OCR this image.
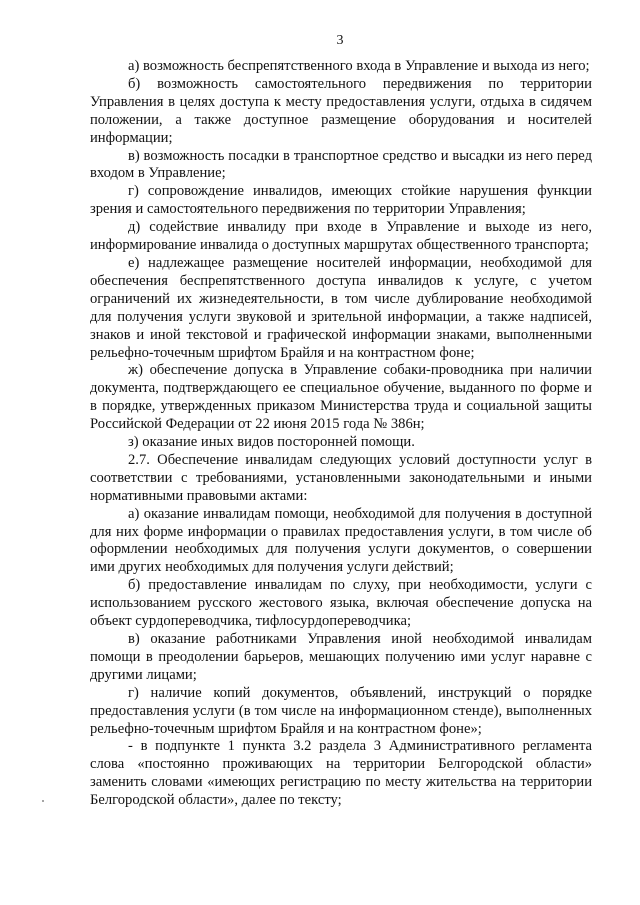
3

а) возможность беспрепятственного входа в Управление и выхода из него;

б) возможность самостоятельного передвижения по территории Управления в целях доступа к месту предоставления услуги, отдыха в сидячем положении, а также доступное размещение оборудования и носителей информации;

в) возможность посадки в транспортное средство и высадки из него перед входом в Управление;

г) сопровождение инвалидов, имеющих стойкие нарушения функции зрения и самостоятельного передвижения по территории Управления;

д) содействие инвалиду при входе в Управление и выходе из него, информирование инвалида о доступных маршрутах общественного транспорта;

е) надлежащее размещение носителей информации, необходимой для обеспечения беспрепятственного доступа инвалидов к услуге, с учетом ограничений их жизнедеятельности, в том числе дублирование необходимой для получения услуги звуковой и зрительной информации, а также надписей, знаков и иной текстовой и графической информации знаками, выполненными рельефно-точечным шрифтом Брайля и на контрастном фоне;

ж) обеспечение допуска в Управление собаки-проводника при наличии документа, подтверждающего ее специальное обучение, выданного по форме и в порядке, утвержденных приказом Министерства труда и социальной защиты Российской Федерации от 22 июня 2015 года № 386н;

з) оказание иных видов посторонней помощи.

2.7. Обеспечение инвалидам следующих условий доступности услуг в соответствии с требованиями, установленными законодательными и иными нормативными правовыми актами:

а) оказание инвалидам помощи, необходимой для получения в доступной для них форме информации о правилах предоставления услуги, в том числе об оформлении необходимых для получения услуги документов, о совершении ими других необходимых для получения услуги действий;

б) предоставление инвалидам по слуху, при необходимости, услуги с использованием русского жестового языка, включая обеспечение допуска на объект сурдопереводчика, тифлосурдопереводчика;

в) оказание работниками Управления иной необходимой инвалидам помощи в преодолении барьеров, мешающих получению ими услуг наравне с другими лицами;

г) наличие копий документов, объявлений, инструкций о порядке предоставления услуги (в том числе на информационном стенде), выполненных рельефно-точечным шрифтом Брайля и на контрастном фоне»;

- в подпункте 1 пункта 3.2 раздела 3 Административного регламента слова «постоянно проживающих на территории Белгородской области» заменить словами «имеющих регистрацию по месту жительства на территории Белгородской области», далее по тексту;
